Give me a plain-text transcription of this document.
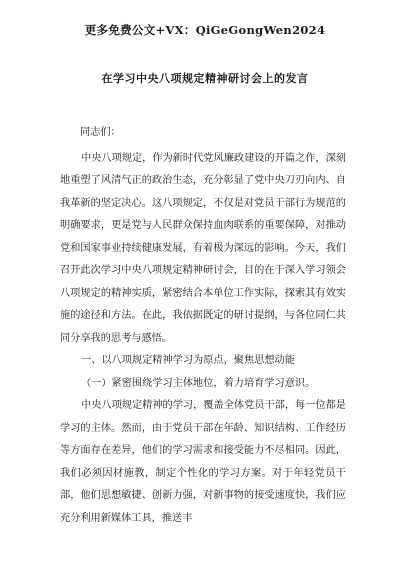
更多免费公文+VX：QiGeGongWen2024
在学习中央八项规定精神研讨会上的发言

同志们：

中央八项规定，作为新时代党风廉政建设的开篇之作，深刻地重塑了风清气正的政治生态，充分彰显了党中央刀刃向内、自我革新的坚定决心。这八项规定，不仅是对党员干部行为规范的明确要求，更是党与人民群众保持血肉联系的重要保障，对推动党和国家事业持续健康发展，有着极为深远的影响。今天，我们召开此次学习中央八项规定精神研讨会，目的在于深入学习领会八项规定的精神实质，紧密结合本单位工作实际，探索其有效实施的途径和方法。在此，我依据既定的研讨提纲，与各位同仁共同分享我的思考与感悟。

一、以八项规定精神学习为原点，聚焦思想动能

（一）紧密围绕学习主体地位，着力培育学习意识。

中央八项规定精神的学习，覆盖全体党员干部，每一位都是学习的主体。然而，由于党员干部在年龄、知识结构、工作经历等方面存在差异，他们的学习需求和接受能力不尽相同。因此，我们必须因材施教，制定个性化的学习方案。对于年轻党员干部，他们思想敏捷、创新力强，对新事物的接受速度快，我们应充分利用新媒体工具，推送丰
